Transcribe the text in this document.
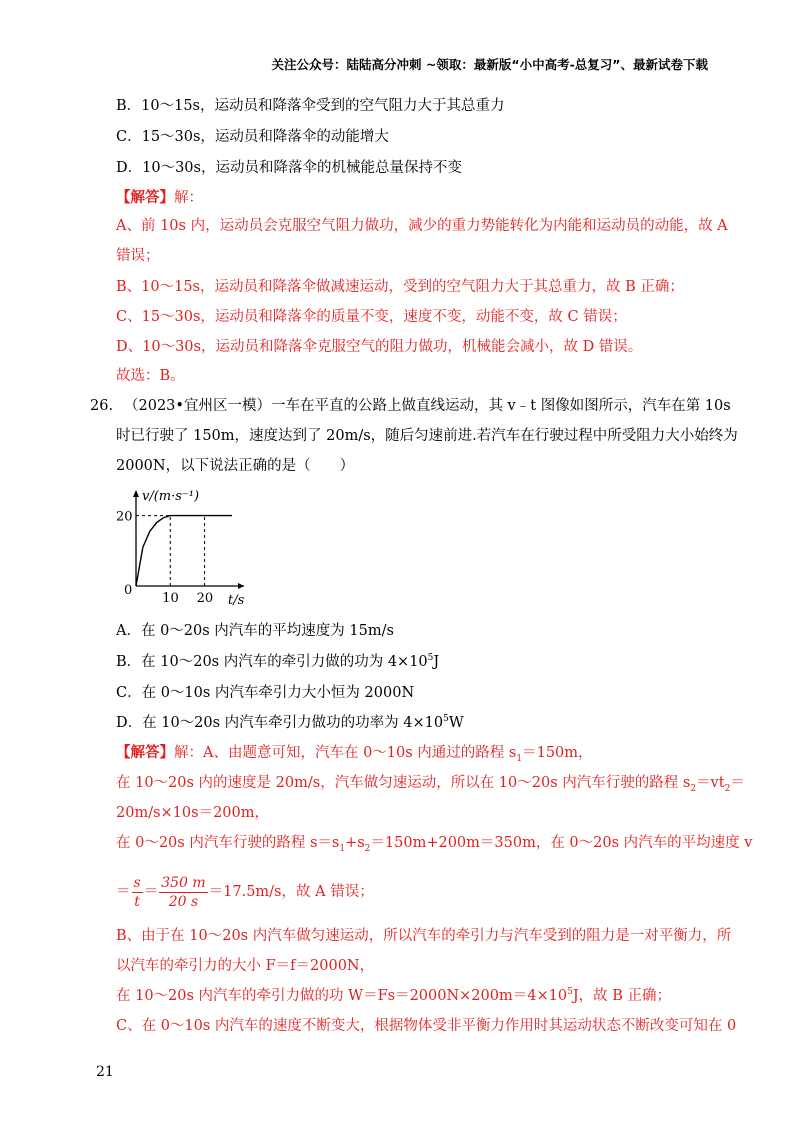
关注公众号：陆陆高分冲刺 ~领取：最新版“小中高考-总复习”、最新试卷下载
B．10～15s，运动员和降落伞受到的空气阻力大于其总重力
C．15～30s，运动员和降落伞的动能增大
D．10～30s，运动员和降落伞的机械能总量保持不变
【解答】解：
A、前 10s 内，运动员会克服空气阻力做功，减少的重力势能转化为内能和运动员的动能，故 A
错误；
B、10～15s，运动员和降落伞做减速运动，受到的空气阻力大于其总重力，故 B 正确；
C、15～30s，运动员和降落伞的质量不变，速度不变，动能不变，故 C 错误；
D、10～30s，运动员和降落伞克服空气的阻力做功，机械能会减小，故 D 错误。
故选：B。
26. （2023•宜州区一模）一车在平直的公路上做直线运动，其 v﹣t 图像如图所示，汽车在第 10s
时已行驶了 150m，速度达到了 20m/s，随后匀速前进.若汽车在行驶过程中所受阻力大小始终为
2000N，以下说法正确的是（　　）
v/(m·s⁻¹)
t/s
0
10 20
20
A．在 0～20s 内汽车的平均速度为 15m/s
B．在 10～20s 内汽车的牵引力做的功为 $4\times 10^5J$
C．在 0～10s 内汽车牵引力大小恒为 2000N
D．在 10～20s 内汽车牵引力做功的功率为 $4\times 10^5W$
【解答】解：A、由题意可知，汽车在 0～10s 内通过的路程 $s_1=150m$，
在 10～20s 内的速度是 20m/s，汽车做匀速运动，所以在 10～20s 内汽车行驶的路程 $s_2=vt_2=$
20m/s×10s＝200m，
在 0～20s 内汽车行驶的路程 $s=s_1+s_2=150m+200m=350m$，在 0～20s 内汽车的平均速度 v
＝ $\frac{s}{t} = \frac{350 m}{20 s} =17.5m/s$，故 A 错误；
B、由于在 10～20s 内汽车做匀速运动，所以汽车的牵引力与汽车受到的阻力是一对平衡力，所
以汽车的牵引力的大小 F＝f＝2000N，
在 10～20s 内汽车的牵引力做的功 $W=Fs=2000N\times 200m=4\times 10^5J$，故 B 正确；
C、在 0～10s 内汽车的速度不断变大，根据物体受非平衡力作用时其运动状态不断改变可知在 0
21
